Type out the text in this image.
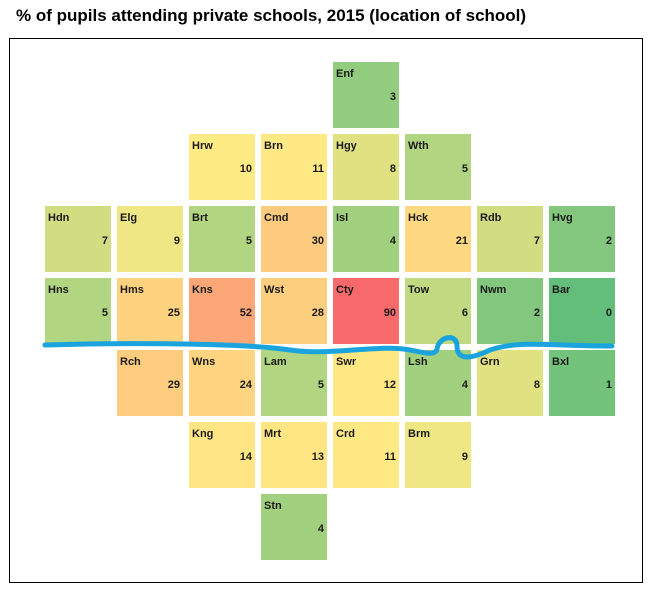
% of pupils attending private schools, 2015 (location of school)
Enf
3
Hrw
10
Brn
11
Hgy
8
Wth
5
Hdn
7
Elg
9
Brt
5
Cmd
30
Isl
4
Hck
21
Rdb
7
Hvg
2
Hns
5
Hms
25
Kns
52
Wst
28
Cty
90
Tow
6
Nwm
2
Bar
0
Rch
29
Wns
24
Lam
5
Swr
12
Lsh
4
Grn
8
Bxl
1
Kng
14
Mrt
13
Crd
11
Brm
9
Stn
4
